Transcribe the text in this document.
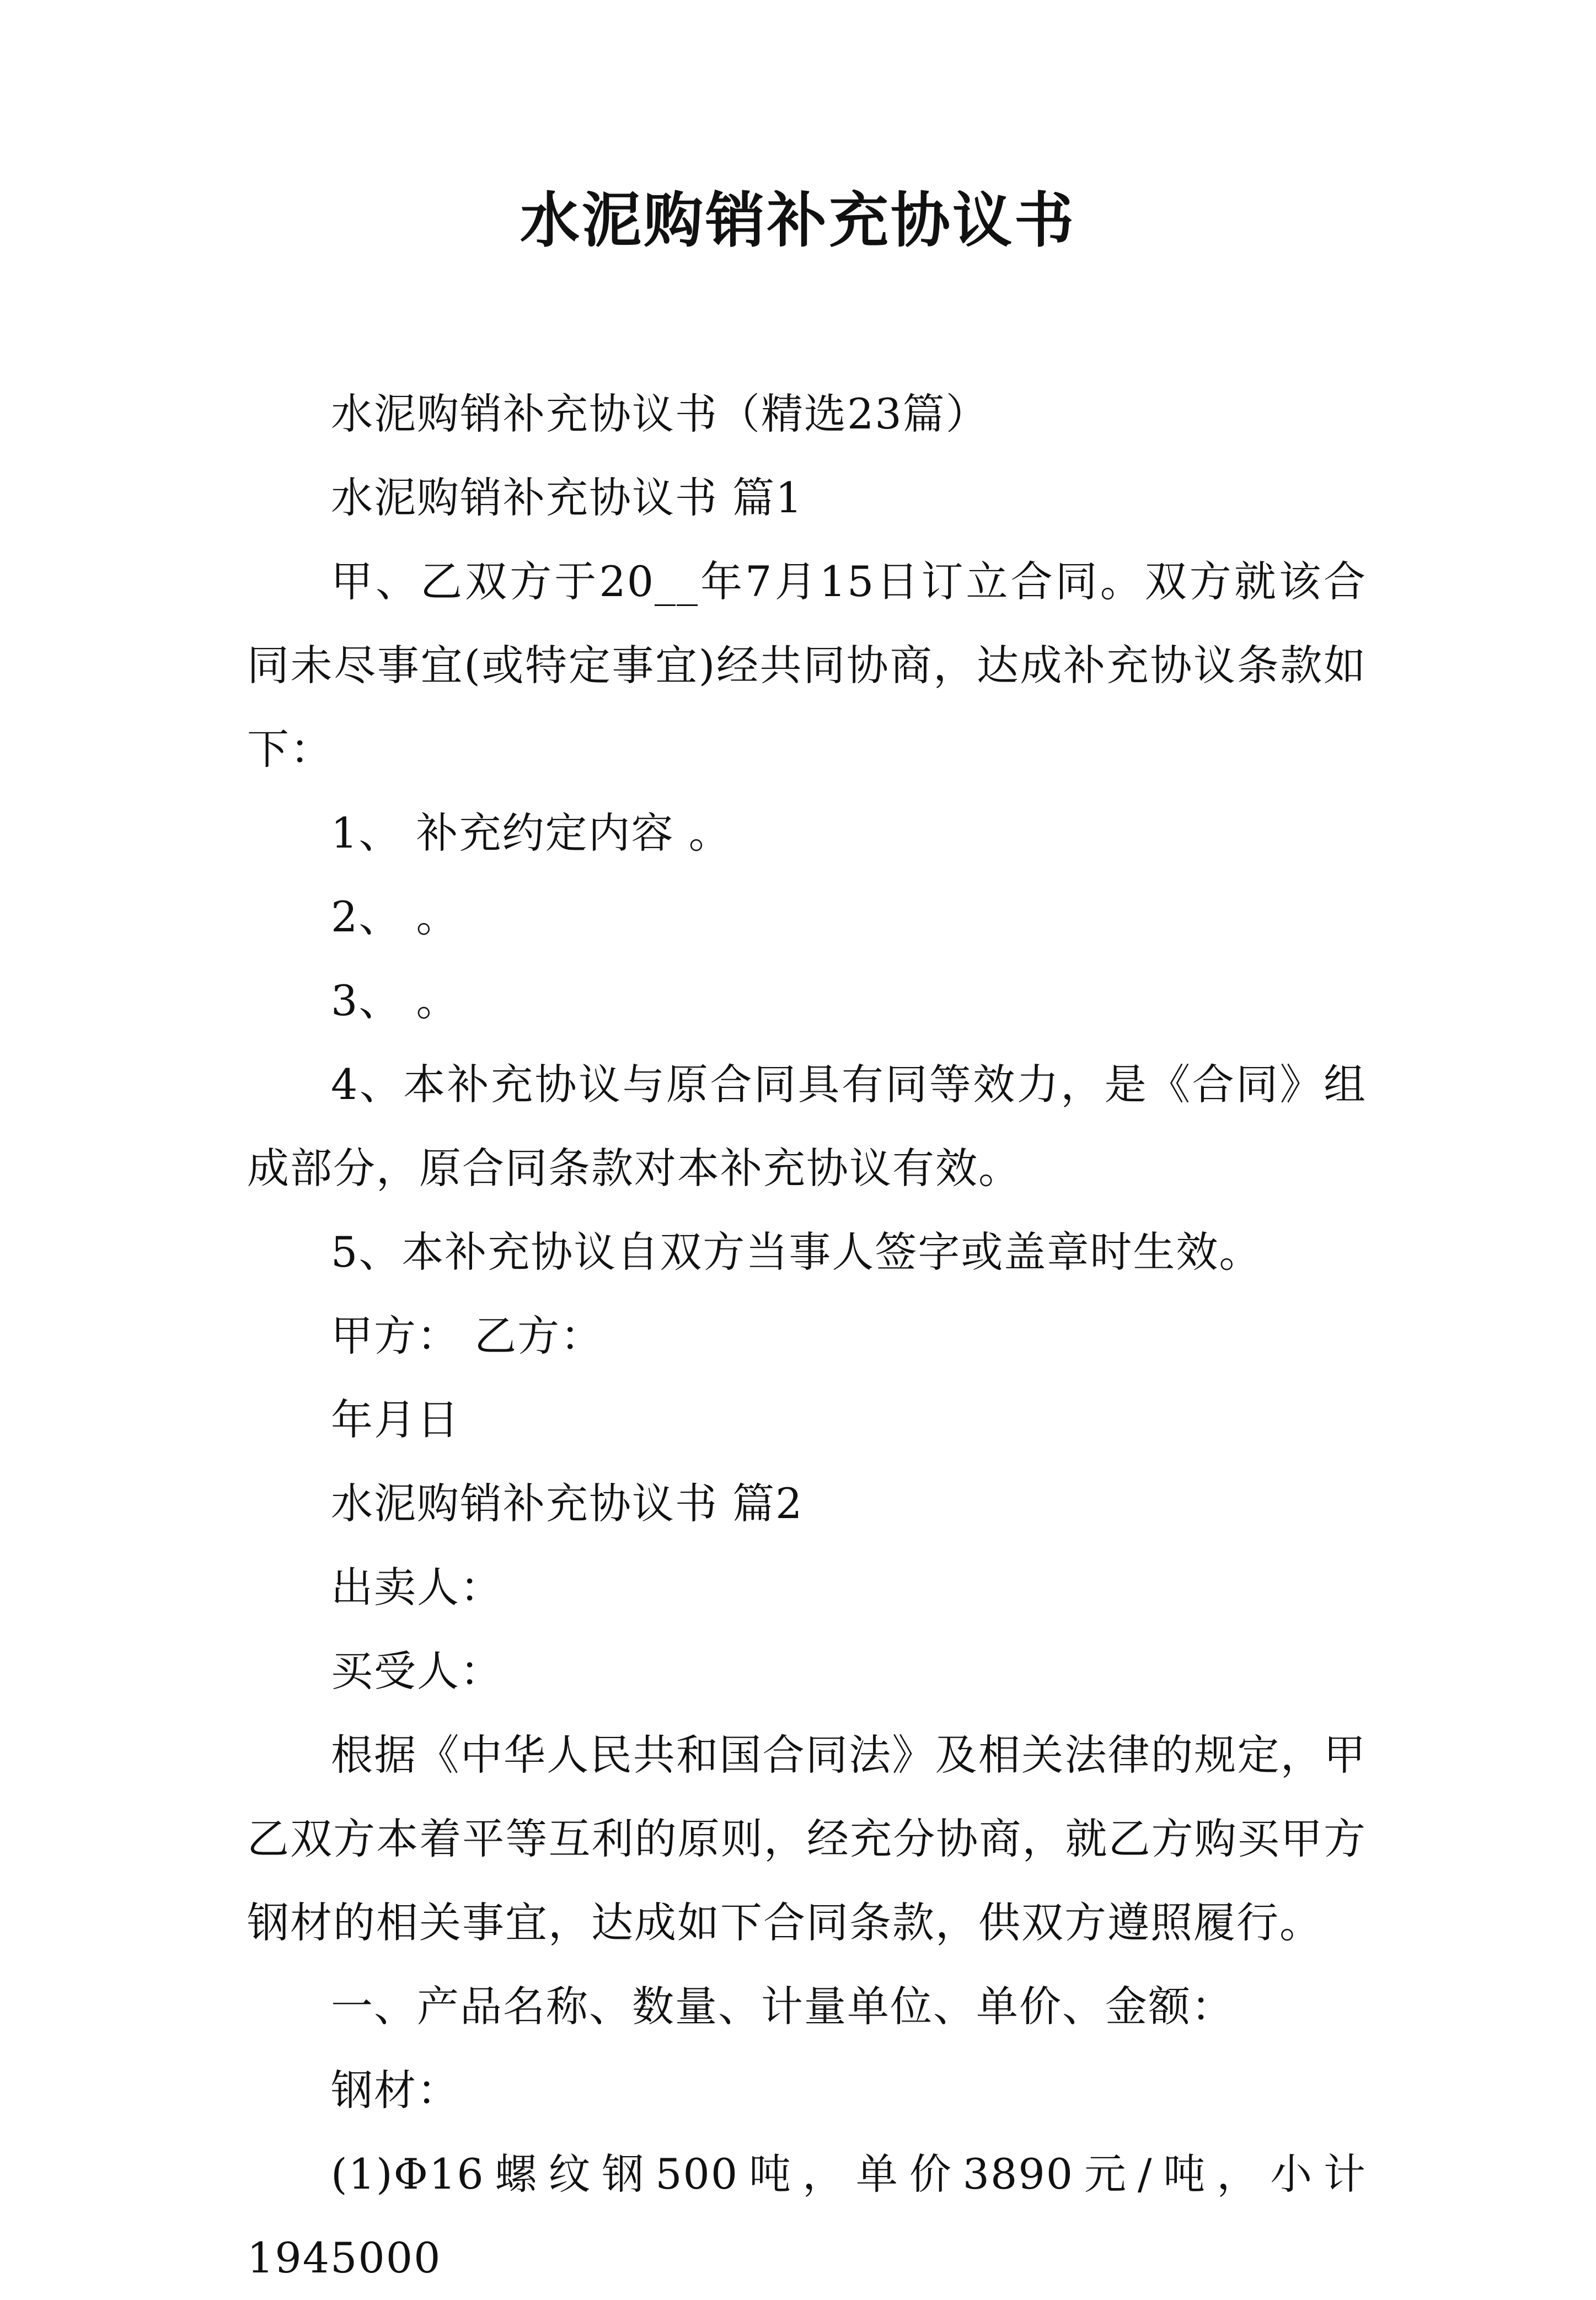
水泥购销补充协议书

水泥购销补充协议书（精选23篇）

水泥购销补充协议书 篇1

甲、乙双方于20__年7月15日订立合同。双方就该合同未尽事宜(或特定事宜)经共同协商，达成补充协议条款如下：

1、 补充约定内容 。

2、 。

3、 。

4、本补充协议与原合同具有同等效力，是《合同》组成部分，原合同条款对本补充协议有效。

5、本补充协议自双方当事人签字或盖章时生效。

甲方： 乙方：

年月日

水泥购销补充协议书 篇2

出卖人：

买受人：

根据《中华人民共和国合同法》及相关法律的规定，甲乙双方本着平等互利的原则，经充分协商，就乙方购买甲方钢材的相关事宜，达成如下合同条款，供双方遵照履行。

一、产品名称、数量、计量单位、单价、金额：

钢材：

(1)Φ16螺纹钢500吨，单价3890元/吨，小计1945000
